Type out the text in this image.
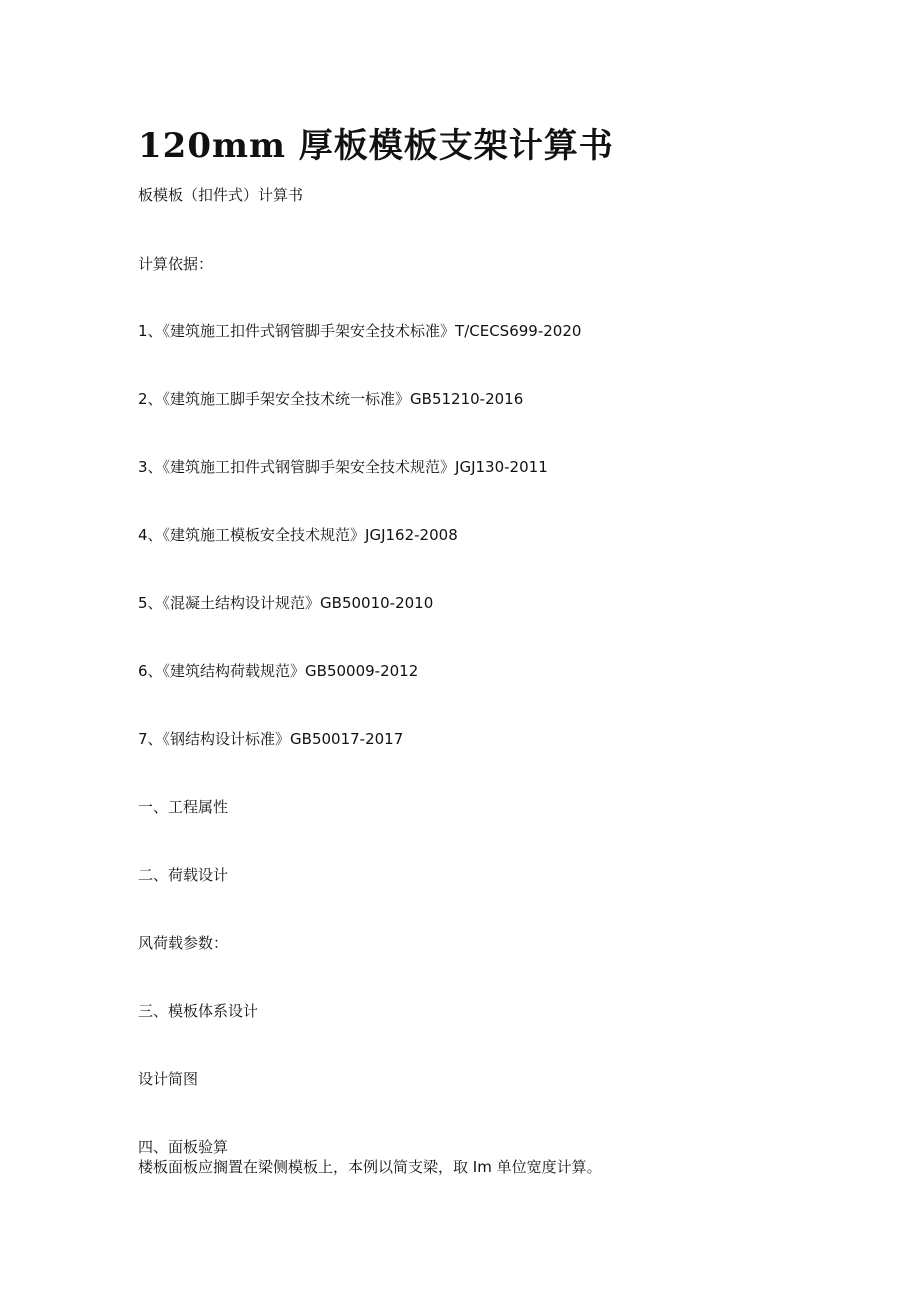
120mm 厚板模板支架计算书
板模板（扣件式）计算书
计算依据：
1、《建筑施工扣件式钢管脚手架安全技术标准》T/CECS699-2020
2、《建筑施工脚手架安全技术统一标准》GB51210-2016
3、《建筑施工扣件式钢管脚手架安全技术规范》JGJ130-2011
4、《建筑施工模板安全技术规范》JGJ162-2008
5、《混凝土结构设计规范》GB50010-2010
6、《建筑结构荷载规范》GB50009-2012
7、《钢结构设计标准》GB50017-2017
一、工程属性
二、荷载设计
风荷载参数：
三、模板体系设计
设计简图
四、面板验算
楼板面板应搁置在梁侧模板上，本例以简支梁，取 Im 单位宽度计算。
